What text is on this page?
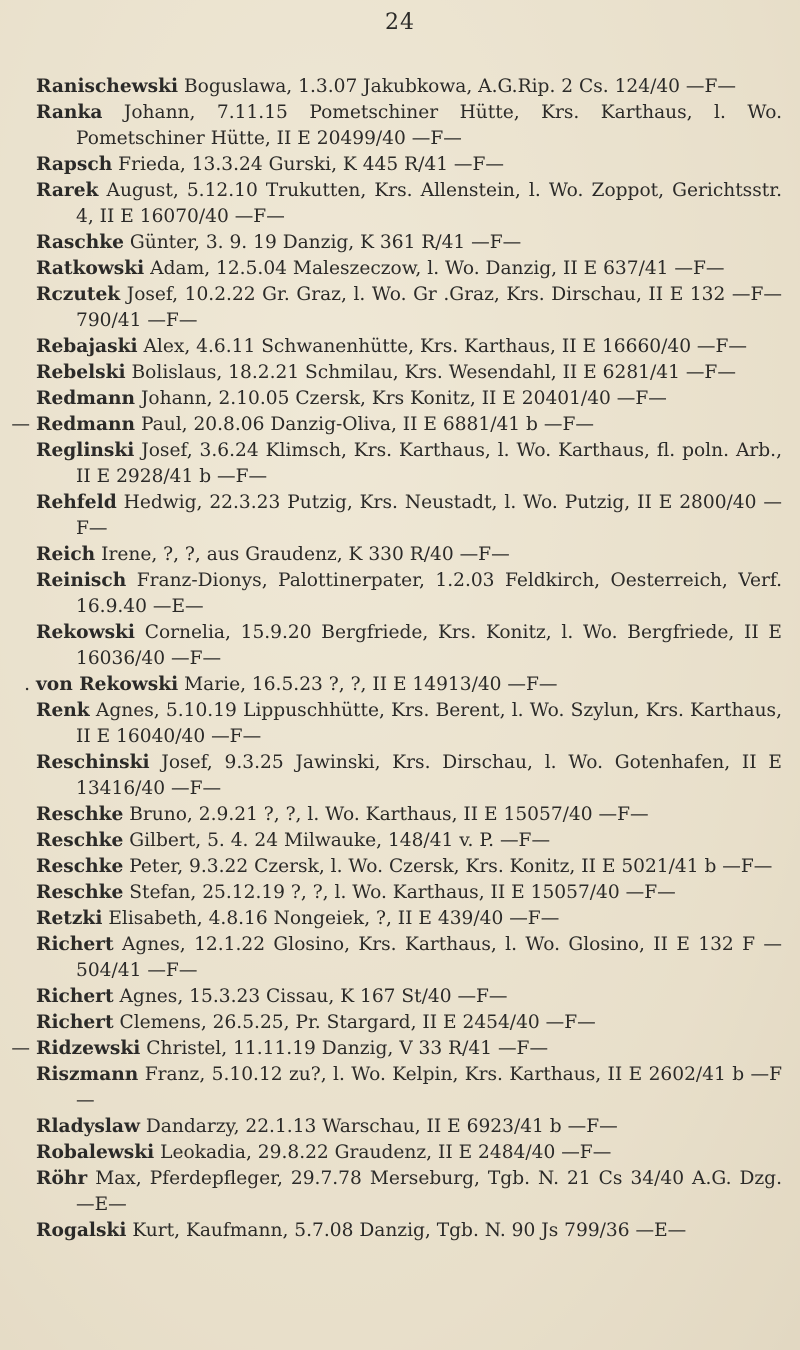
24

Ranischewski Boguslawa, 1.3.07 Jakubkowa, A.G.Rip. 2 Cs. 124/40 —F—

Ranka Johann, 7.11.15 Pometschiner Hütte, Krs. Karthaus, l. Wo. Pometschiner Hütte, II E 20499/40 —F—

Rapsch Frieda, 13.3.24 Gurski, K 445 R/41 —F—

Rarek August, 5.12.10 Trukutten, Krs. Allenstein, l. Wo. Zoppot, Gerichtsstr. 4, II E 16070/40 —F—

Raschke Günter, 3. 9. 19 Danzig, K 361 R/41 —F—

Ratkowski Adam, 12.5.04 Maleszeczow, l. Wo. Danzig, II E 637/41 —F—

Rczutek Josef, 10.2.22 Gr. Graz, l. Wo. Gr .Graz, Krs. Dirschau, II E 132 —F— 790/41 —F—

Rebajaski Alex, 4.6.11 Schwanenhütte, Krs. Karthaus, II E 16660/40 —F—

Rebelski Bolislaus, 18.2.21 Schmilau, Krs. Wesendahl, II E 6281/41 —F—

Redmann Johann, 2.10.05 Czersk, Krs Konitz, II E 20401/40 —F—

— Redmann Paul, 20.8.06 Danzig-Oliva, II E 6881/41 b —F—

Reglinski Josef, 3.6.24 Klimsch, Krs. Karthaus, l. Wo. Karthaus, fl. poln. Arb., II E 2928/41 b —F—

Rehfeld Hedwig, 22.3.23 Putzig, Krs. Neustadt, l. Wo. Putzig, II E 2800/40 —F—

Reich Irene, ?, ?, aus Graudenz, K 330 R/40 —F—

Reinisch Franz-Dionys, Palottinerpater, 1.2.03 Feldkirch, Oesterreich, Verf. 16.9.40 —E—

Rekowski Cornelia, 15.9.20 Bergfriede, Krs. Konitz, l. Wo. Bergfriede, II E 16036/40 —F—

. von Rekowski Marie, 16.5.23 ?, ?, II E 14913/40 —F—

Renk Agnes, 5.10.19 Lippuschhütte, Krs. Berent, l. Wo. Szylun, Krs. Karthaus, II E 16040/40 —F—

Reschinski Josef, 9.3.25 Jawinski, Krs. Dirschau, l. Wo. Gotenhafen, II E 13416/40 —F—

Reschke Bruno, 2.9.21 ?, ?, l. Wo. Karthaus, II E 15057/40 —F—

Reschke Gilbert, 5. 4. 24 Milwauke, 148/41 v. P. —F—

Reschke Peter, 9.3.22 Czersk, l. Wo. Czersk, Krs. Konitz, II E 5021/41 b —F—

Reschke Stefan, 25.12.19 ?, ?, l. Wo. Karthaus, II E 15057/40 —F—

Retzki Elisabeth, 4.8.16 Nongeiek, ?, II E 439/40 —F—

Richert Agnes, 12.1.22 Glosino, Krs. Karthaus, l. Wo. Glosino, II E 132 F — 504/41 —F—

Richert Agnes, 15.3.23 Cissau, K 167 St/40 —F—

Richert Clemens, 26.5.25, Pr. Stargard, II E 2454/40 —F—

— Ridzewski Christel, 11.11.19 Danzig, V 33 R/41 —F—

Riszmann Franz, 5.10.12 zu?, l. Wo. Kelpin, Krs. Karthaus, II E 2602/41 b —F—

Rladyslaw Dandarzy, 22.1.13 Warschau, II E 6923/41 b —F—

Robalewski Leokadia, 29.8.22 Graudenz, II E 2484/40 —F—

Röhr Max, Pferdepfleger, 29.7.78 Merseburg, Tgb. N. 21 Cs 34/40 A.G. Dzg. —E—

Rogalski Kurt, Kaufmann, 5.7.08 Danzig, Tgb. N. 90 Js 799/36 —E—
